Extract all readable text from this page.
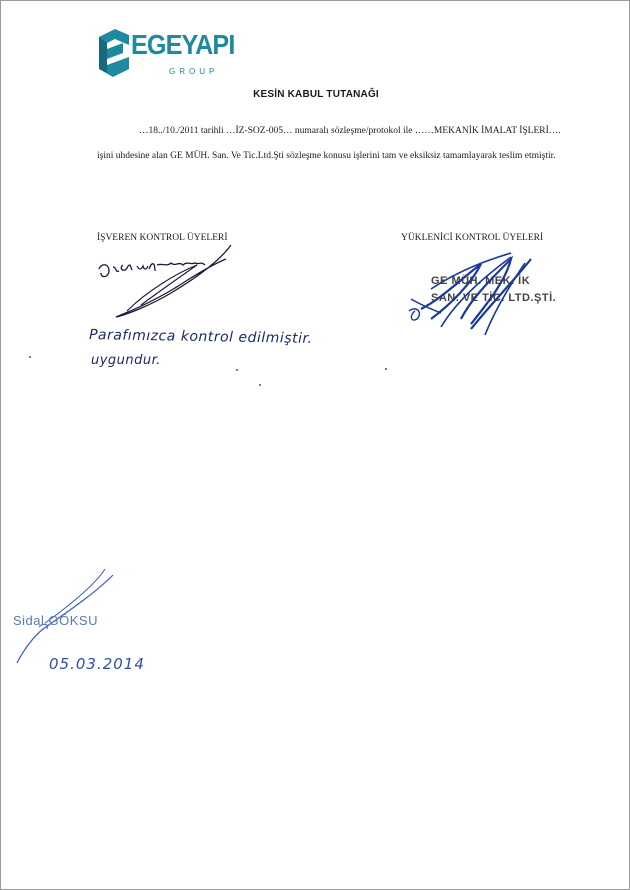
EGEYAPI
GROUP
KESİN KABUL TUTANAĞI
…18../10./2011 tarihli …İZ-SOZ-005… numaralı sözleşme/protokol ile ……MEKANİK İMALAT İŞLERİ….
işini uhdesine alan GE MÜH. San. Ve Tic.Ltd.Şti sözleşme konusu işlerini tam ve eksiksiz tamamlayarak teslim etmiştir.
İŞVEREN KONTROL ÜYELERİ	YÜKLENİCİ KONTROL ÜYELERİ
GE MÜH. MEK. İK
SAN. VE TİC. LTD.ŞTİ.
Parafımızca kontrol edilmiştir.
uygundur.
Sidal GÖKSU
05.03.2014
